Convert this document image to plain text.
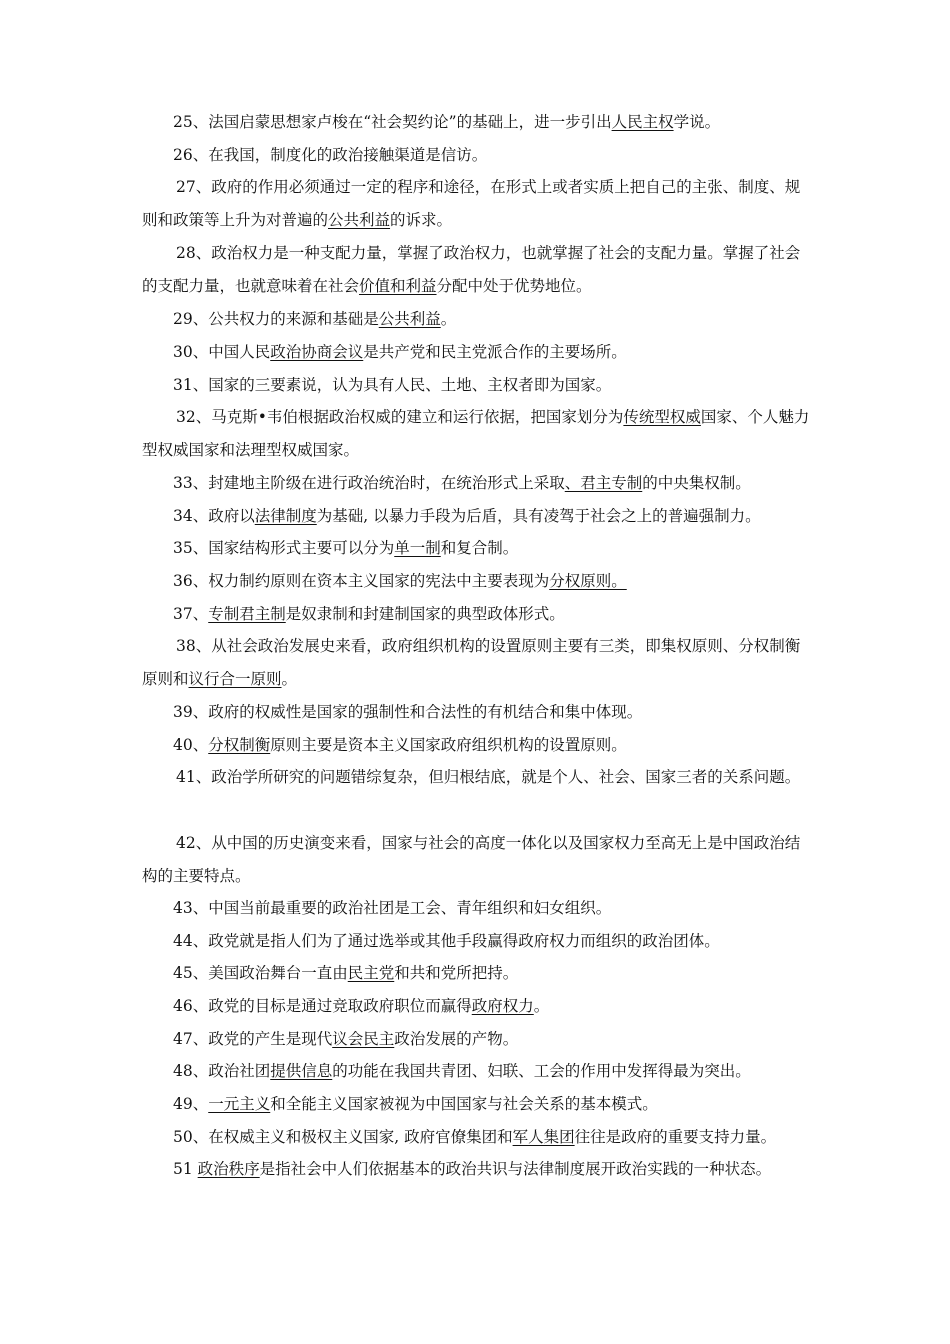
25、法国启蒙思想家卢梭在“社会契约论”的基础上，进一步引出人民主权学说。
26、在我国，制度化的政治接触渠道是信访。
27、政府的作用必须通过一定的程序和途径，在形式上或者实质上把自己的主张、制度、规则和政策等上升为对普遍的公共利益的诉求。
28、政治权力是一种支配力量，掌握了政治权力，也就掌握了社会的支配力量。掌握了社会的支配力量，也就意味着在社会价值和利益分配中处于优势地位。
29、公共权力的来源和基础是公共利益。
30、中国人民政治协商会议是共产党和民主党派合作的主要场所。
31、国家的三要素说，认为具有人民、土地、主权者即为国家。
32、马克斯•韦伯根据政治权威的建立和运行依据，把国家划分为传统型权威国家、个人魅力型权威国家和法理型权威国家。
33、封建地主阶级在进行政治统治时，在统治形式上采取、君主专制的中央集权制。
34、政府以法律制度为基础, 以暴力手段为后盾，具有凌驾于社会之上的普遍强制力。
35、国家结构形式主要可以分为单一制和复合制。
36、权力制约原则在资本主义国家的宪法中主要表现为分权原则。
37、专制君主制是奴隶制和封建制国家的典型政体形式。
38、从社会政治发展史来看，政府组织机构的设置原则主要有三类，即集权原则、分权制衡原则和议行合一原则。
39、政府的权威性是国家的强制性和合法性的有机结合和集中体现。
40、分权制衡原则主要是资本主义国家政府组织机构的设置原则。
41、政治学所研究的问题错综复杂，但归根结底，就是个人、社会、国家三者的关系问题。
42、从中国的历史演变来看，国家与社会的高度一体化以及国家权力至高无上是中国政治结构的主要特点。
43、中国当前最重要的政治社团是工会、青年组织和妇女组织。
44、政党就是指人们为了通过选举或其他手段赢得政府权力而组织的政治团体。
45、美国政治舞台一直由民主党和共和党所把持。
46、政党的目标是通过竞取政府职位而赢得政府权力。
47、政党的产生是现代议会民主政治发展的产物。
48、政治社团提供信息的功能在我国共青团、妇联、工会的作用中发挥得最为突出。
49、一元主义和全能主义国家被视为中国国家与社会关系的基本模式。
50、在权威主义和极权主义国家, 政府官僚集团和军人集团往往是政府的重要支持力量。
51 政治秩序是指社会中人们依据基本的政治共识与法律制度展开政治实践的一种状态。
